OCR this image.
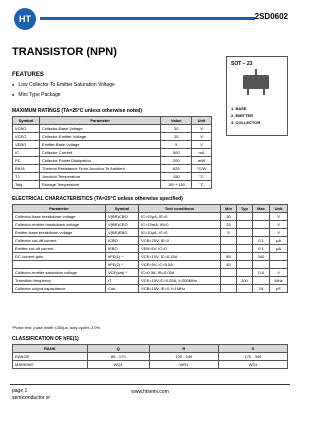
HT	2SD0602
TRANSISTOR (NPN)
FEATURES
● Low Collector To Emitter Saturation Voltage
● Mini Type Package
SOT – 23
1. BASE
2. EMITTER
3. COLLECTOR
MAXIMUM RATINGS (TA=25°C unless otherwise noted)
Symbol	Parameter	Value	Unit
VCBO	Collector-Base Voltage	30	V
VCEO	Collector-Emitter Voltage	25	V
VEBO	Emitter-Base Voltage	5	V
IC	Collector Current	500	mA
PC	Collector Power Dissipation	200	mW
RθJA	Thermal Resistance From Junction To Ambient	625	°C/W
TJ	Junction Temperature	150	°C
Tstg	Storage Temperature	-55~+150	°C
ELECTRICAL CHARACTERISTICS (TA=25°C unless otherwise specified)
Parameter	Symbol	Test conditions	Min	Typ	Max	Unit
Collector-base breakdown voltage	V(BR)CBO	IC=10μA, IE=0	30			V
Collector-emitter breakdown voltage	V(BR)CEO	IC=10mA, IB=0	25			V
Emitter-base breakdown voltage	V(BR)EBO	IE=10μA, IC=0	5			V
Collector cut-off current	ICBO	VCB=20V, IE=0			0.1	μA
Emitter cut-off current	IEBO	VEB=5V, IC=0			0.1	μA
DC current gain	hFE(1) *	VCE=10V, IC=0.15A	85		340	
	hFE(2) *	VCE=5V, IC=0.5A	40			
Collector-emitter saturation voltage	VCE(sat) *	IC=0.3A, IB=0.03A			0.6	V
Transition frequency	fT	VCE=10V,IC=0.05A, f=200MHz		200		MHz
Collector output capacitance	Cob	VCB=10V, IE=0, f=1MHz			15	pF
*Pulse test: pulse width ≤350μs, duty cycle≤ 2.0%.
CLASSIFICATION OF hFE(1)
RANK	Q	R	S
RANGE	85 - 170	120 - 240	170 - 340
MARKING	WQ1	WR1	WS1
page 1
semiconductor sr
www.htsemi.com
